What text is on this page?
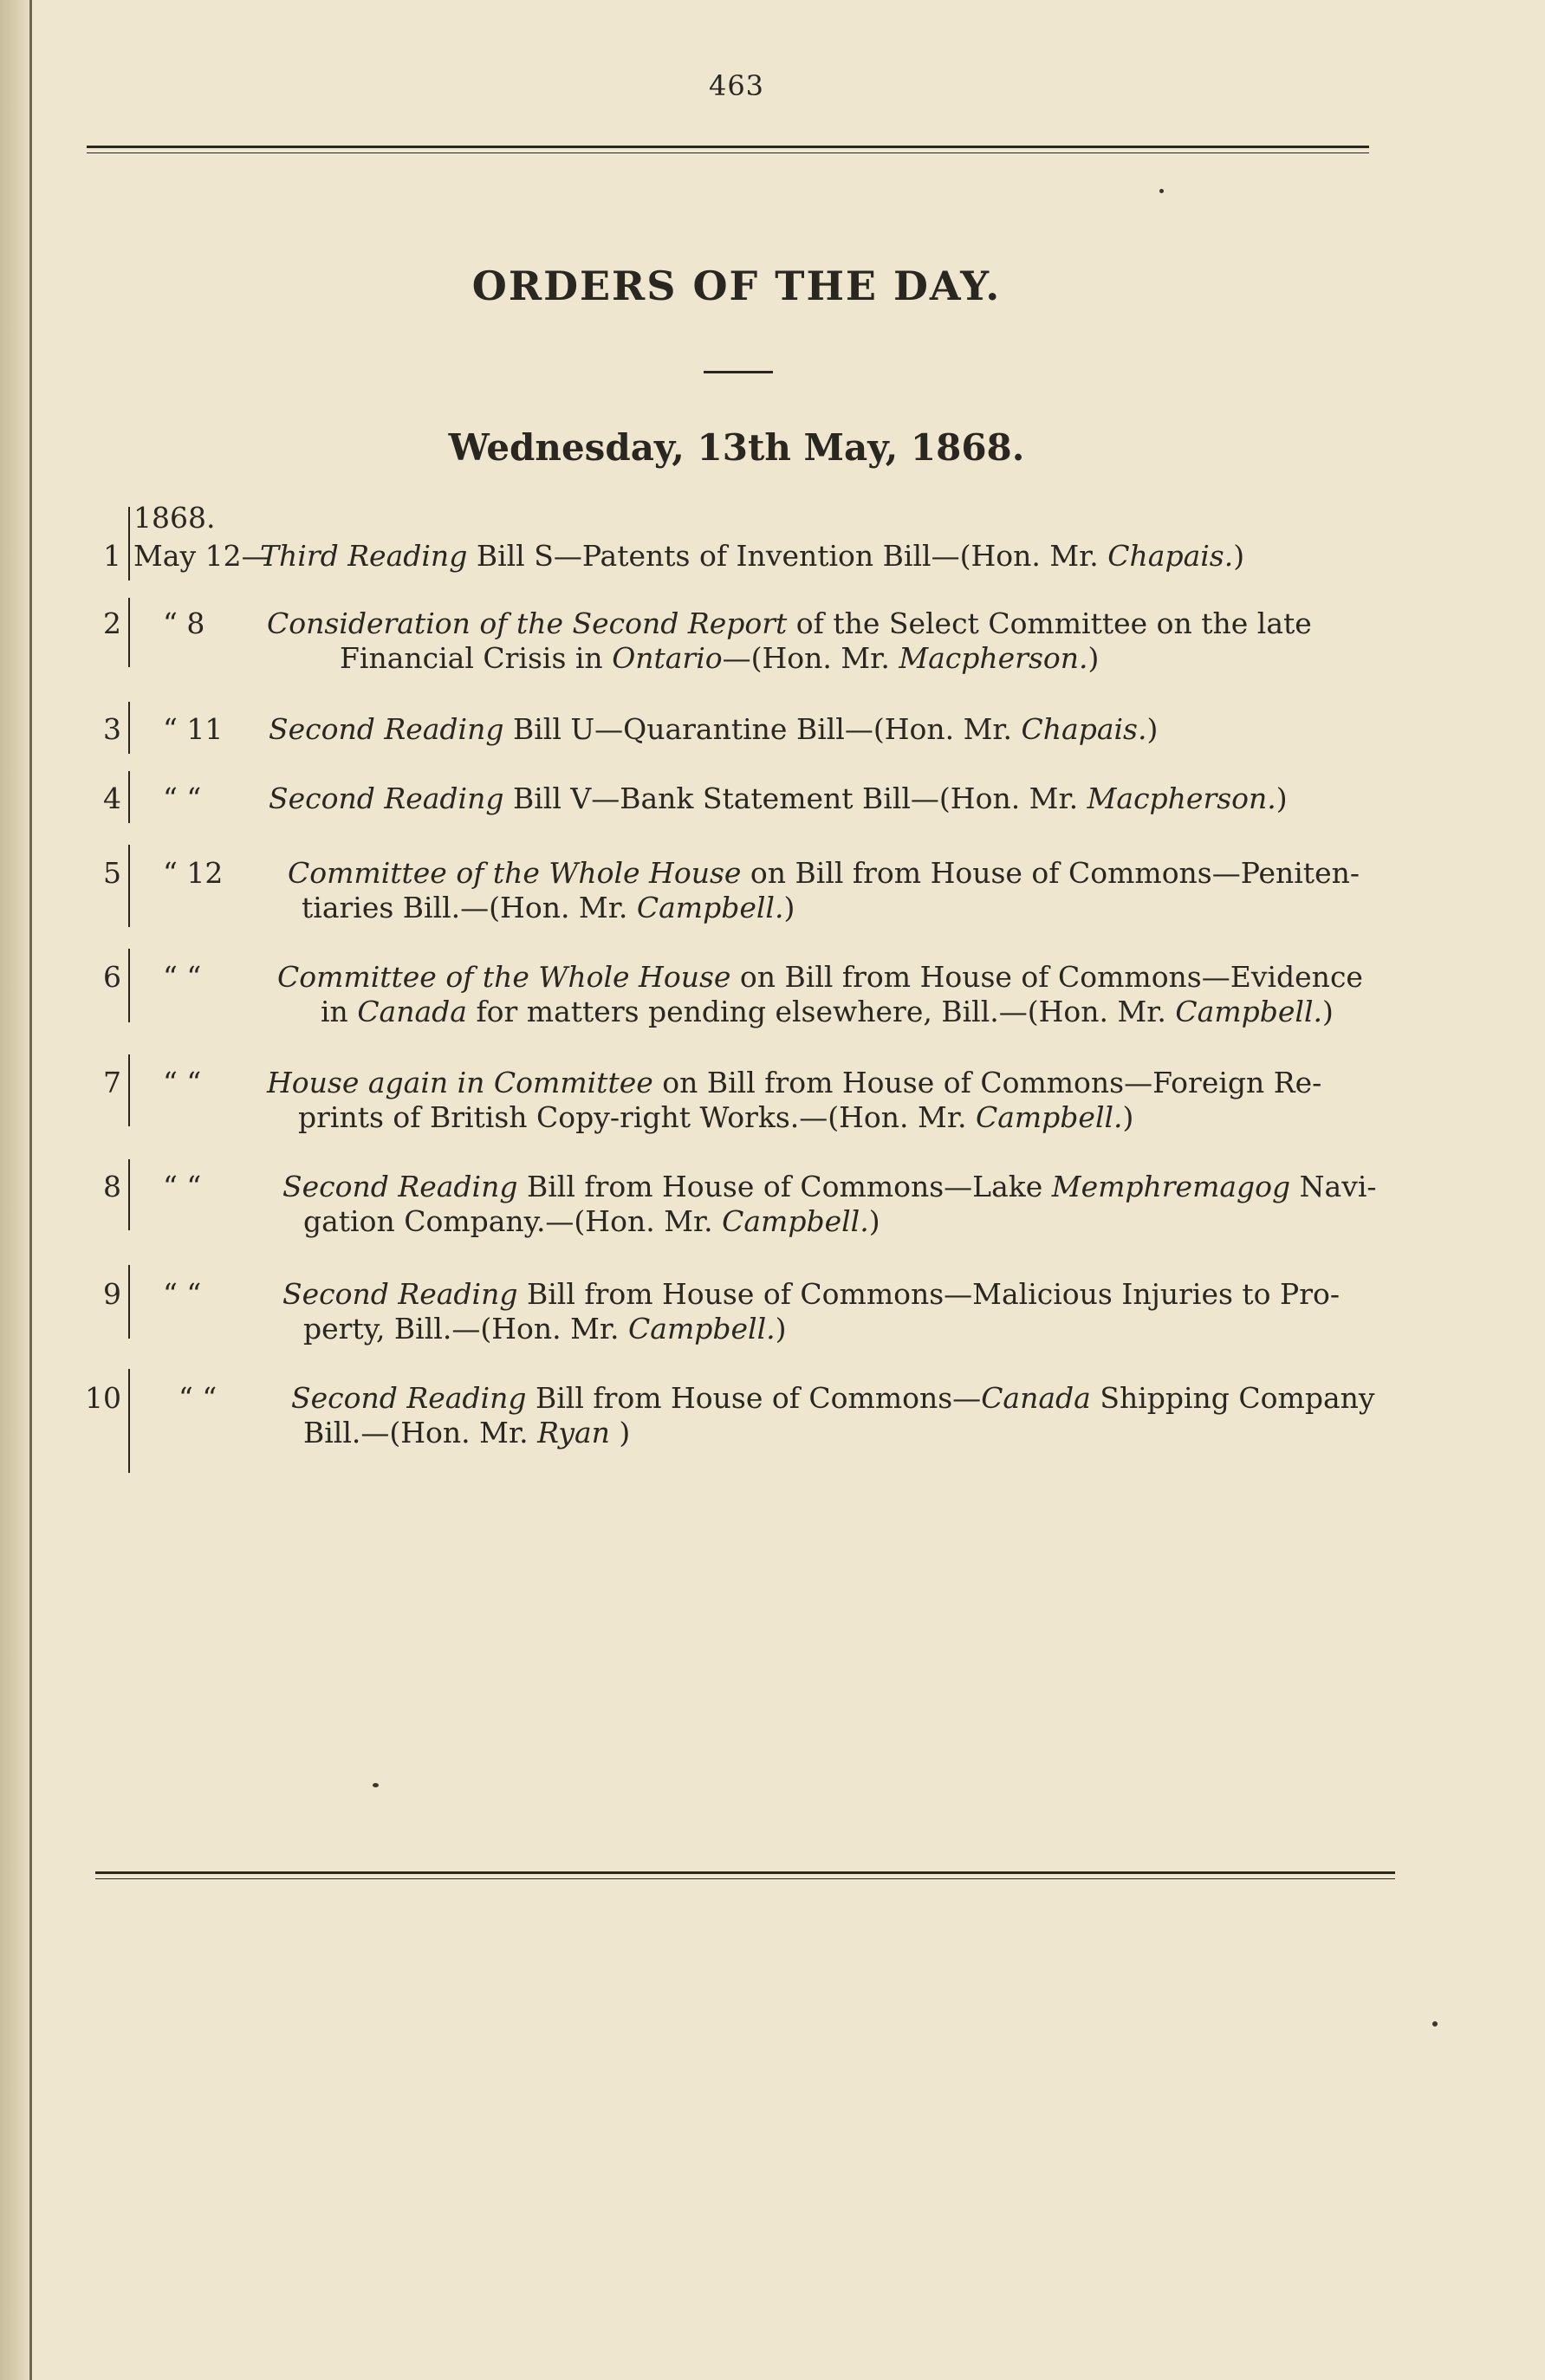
463
ORDERS OF THE DAY.
Wednesday, 13th May, 1868.
1868.
1 May 12—
Third Reading Bill S—Patents of Invention Bill—(Hon. Mr. Chapais.)
2 “ 8 Consideration of the Second Report of the Select Committee on the late
Financial Crisis in Ontario—(Hon. Mr. Macpherson.)
3 “ 11 Second Reading Bill U—Quarantine Bill—(Hon. Mr. Chapais.)
4 “ “ Second Reading Bill V—Bank Statement Bill—(Hon. Mr. Macpherson.)
5 “ 12 Committee of the Whole House on Bill from House of Commons—Peniten-
tiaries Bill.—(Hon. Mr. Campbell.)
6 “ “	Committee of the Whole House on Bill from House of Commons—Evidence
in Canada for matters pending elsewhere, Bill.—(Hon. Mr. Campbell.)
7 “ “ House again in Committee on Bill from House of Commons—Foreign Re-
prints of British Copy-right Works.—(Hon. Mr. Campbell.)
8 “ “	Second Reading Bill from House of Commons—Lake Memphremagog Navi-
gation Company.—(Hon. Mr. Campbell.)
9 “ “	Second Reading Bill from House of Commons—Malicious Injuries to Pro-
perty, Bill.—(Hon. Mr. Campbell.)
10 “ “	Second Reading Bill from House of Commons—Canada Shipping Company
Bill.—(Hon. Mr. Ryan )
